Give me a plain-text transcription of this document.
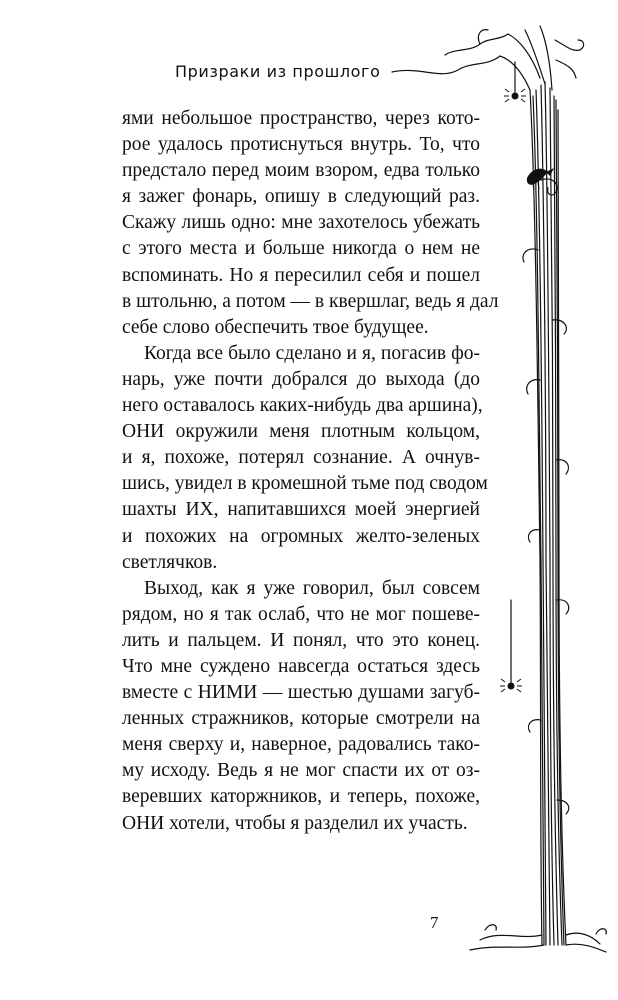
Призраки из прошлого
ями небольшое пространство, через кото-
рое удалось протиснуться внутрь. То, что
предстало перед моим взором, едва только
я зажег фонарь, опишу в следующий раз.
Скажу лишь одно: мне захотелось убежать
с этого места и больше никогда о нем не
вспоминать. Но я пересилил себя и пошел
в штольню, а потом — в квершлаг, ведь я дал
себе слово обеспечить твое будущее.
Когда все было сделано и я, погасив фо-
нарь, уже почти добрался до выхода (до
него оставалось каких-нибудь два аршина),
ОНИ окружили меня плотным кольцом,
и я, похоже, потерял сознание. А очнув-
шись, увидел в кромешной тьме под сводом
шахты ИХ, напитавшихся моей энергией
и похожих на огромных желто-зеленых
светлячков.
Выход, как я уже говорил, был совсем
рядом, но я так ослаб, что не мог пошеве-
лить и пальцем. И понял, что это конец.
Что мне суждено навсегда остаться здесь
вместе с НИМИ — шестью душами загуб-
ленных стражников, которые смотрели на
меня сверху и, наверное, радовались тако-
му исходу. Ведь я не мог спасти их от оз-
веревших каторжников, и теперь, похоже,
ОНИ хотели, чтобы я разделил их участь.
7
